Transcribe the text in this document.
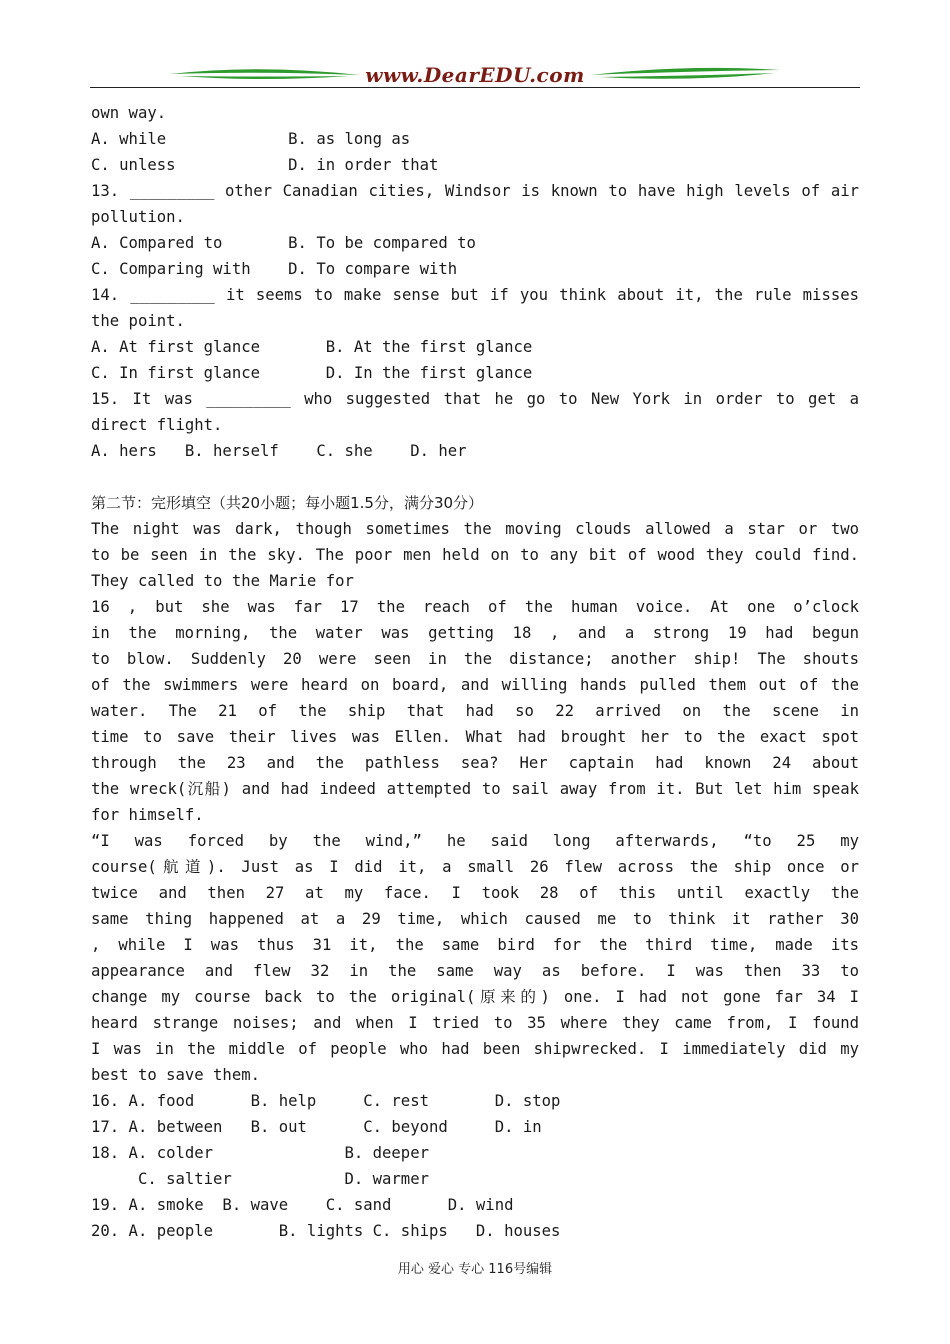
www.DearEDU.com
own way.
A. while             B. as long as
C. unless            D. in order that
13. _________ other Canadian cities, Windsor is known to have high levels of air
pollution.
A. Compared to       B. To be compared to
C. Comparing with    D. To compare with
14. _________ it seems to make sense but if you think about it, the rule misses
the point.
A. At first glance       B. At the first glance
C. In first glance       D. In the first glance
15. It was _________ who suggested that he go to New York in order to get a
direct flight.
A. hers   B. herself    C. she    D. her
第二节：完形填空（共20小题；每小题1.5分，满分30分）
The night was dark, though sometimes the moving clouds allowed a star or two
to be seen in the sky. The poor men held on to any bit of wood they could find.
They called to the Marie for
16 , but she was far 17 the reach of the human voice. At one o’clock
in the morning, the water was getting 18 , and a strong 19 had begun
to blow. Suddenly 20 were seen in the distance; another ship! The shouts
of the swimmers were heard on board, and willing hands pulled them out of the
water. The 21 of the ship that had so 22 arrived on the scene in
time to save their lives was Ellen. What had brought her to the exact spot
through the 23 and the pathless sea? Her captain had known 24 about
the wreck(沉船) and had indeed attempted to sail away from it. But let him speak
for himself.
“I was forced by the wind,” he said long afterwards, “to 25 my
course(航道). Just as I did it, a small 26 flew across the ship once or
twice and then 27 at my face. I took 28 of this until exactly the
same thing happened at a 29 time, which caused me to think it rather 30
, while I was thus 31 it, the same bird for the third time, made its
appearance and flew 32 in the same way as before. I was then 33 to
change my course back to the original(原来的) one. I had not gone far 34 I
heard strange noises; and when I tried to 35 where they came from, I found
I was in the middle of people who had been shipwrecked. I immediately did my
best to save them.
16. A. food      B. help     C. rest       D. stop
17. A. between   B. out      C. beyond     D. in
18. A. colder              B. deeper
C. saltier            D. warmer
19. A. smoke  B. wave    C. sand      D. wind
20. A. people       B. lights C. ships   D. houses
用心 爱心 专心 116号编辑
